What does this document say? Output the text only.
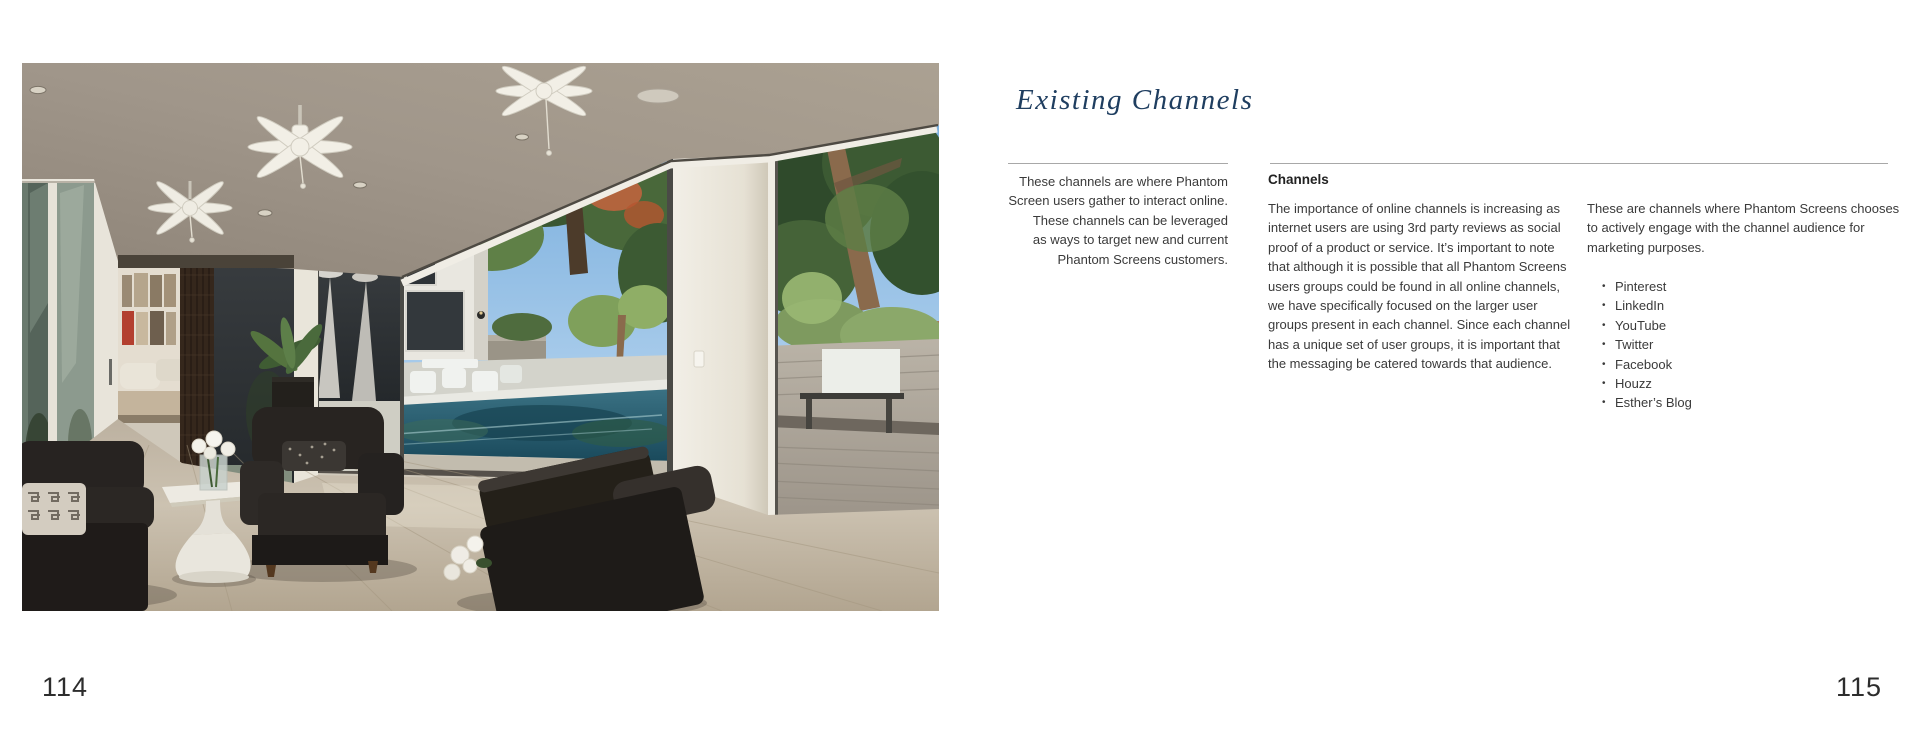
114
Existing Channels
These channels are where Phantom
Screen users gather to interact online.
These channels can be leveraged
as ways to target new and current
Phantom Screens customers.
Channels
The importance of online channels is increasing as
internet users are using 3rd party reviews as social
proof of a product or service. It’s important to note
that although it is possible that all Phantom Screens
users groups could be found in all online channels,
we have specifically focused on the larger user
groups present in each channel. Since each channel
has a unique set of user groups, it is important that
the messaging be catered towards that audience.
These are channels where Phantom Screens chooses
to actively engage with the channel audience for
marketing purposes.
• Pinterest
• LinkedIn
• YouTube
• Twitter
• Facebook
• Houzz
• Esther’s Blog
115
